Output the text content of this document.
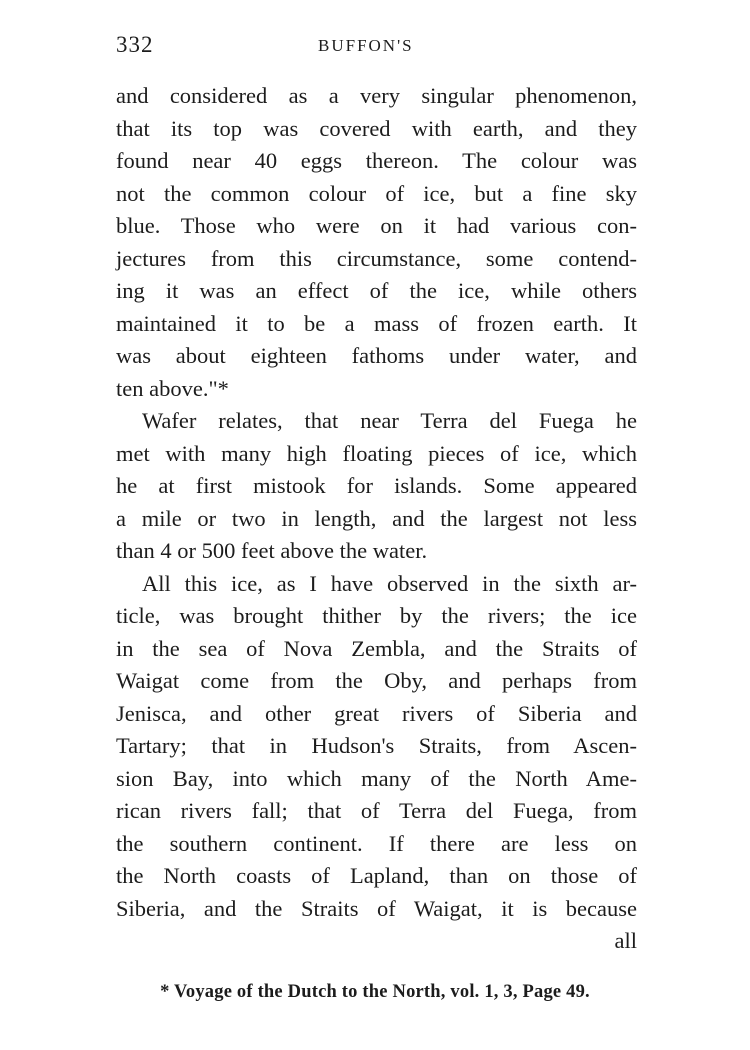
332	BUFFON'S
and considered as a very singular phenomenon,
that its top was covered with earth, and they
found near 40 eggs thereon. The colour was
not the common colour of ice, but a fine sky
blue. Those who were on it had various con-
jectures from this circumstance, some contend-
ing it was an effect of the ice, while others
maintained it to be a mass of frozen earth. It
was about eighteen fathoms under water, and
ten above."*
Wafer relates, that near Terra del Fuega he
met with many high floating pieces of ice, which
he at first mistook for islands. Some appeared
a mile or two in length, and the largest not less
than 4 or 500 feet above the water.
All this ice, as I have observed in the sixth ar-
ticle, was brought thither by the rivers; the ice
in the sea of Nova Zembla, and the Straits of
Waigat come from the Oby, and perhaps from
Jenisca, and other great rivers of Siberia and
Tartary; that in Hudson's Straits, from Ascen-
sion Bay, into which many of the North Ame-
rican rivers fall; that of Terra del Fuega, from
the southern continent. If there are less on
the North coasts of Lapland, than on those of
Siberia, and the Straits of Waigat, it is because
all
* Voyage of the Dutch to the North, vol. 1, 3, Page 49.
